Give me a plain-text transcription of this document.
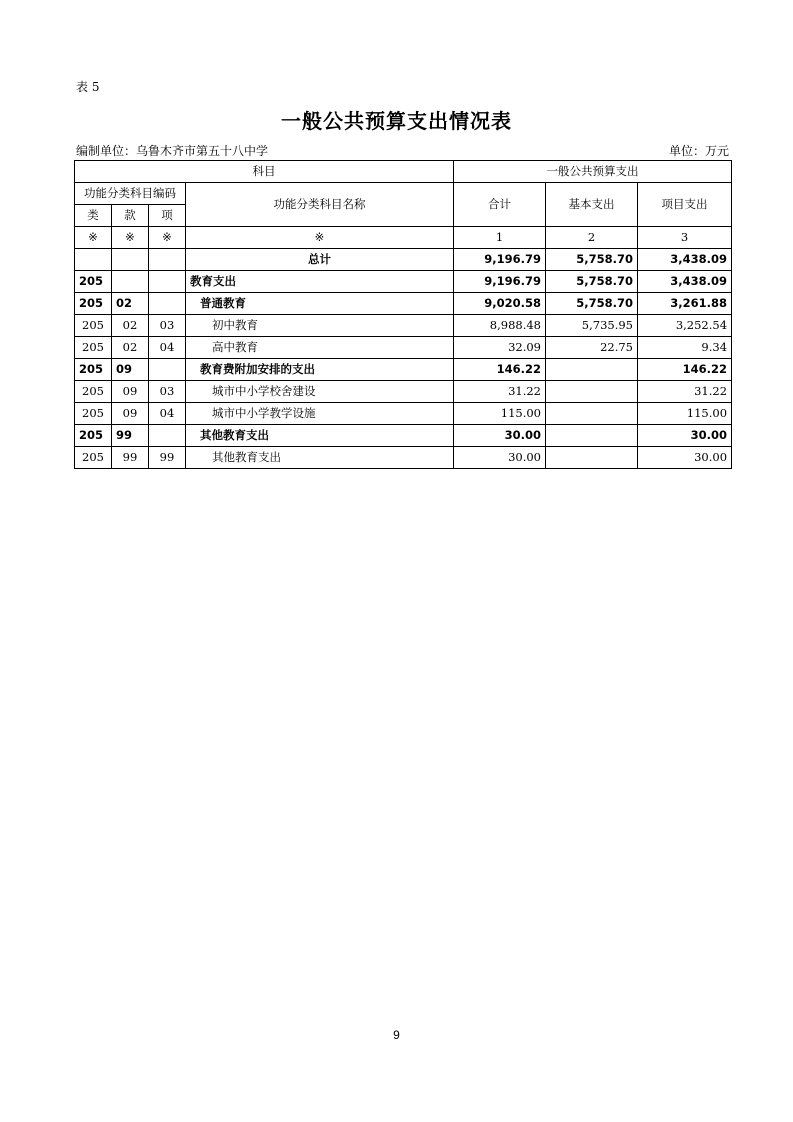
表 5
一般公共预算支出情况表
编制单位：乌鲁木齐市第五十八中学	单位：万元
科目				一般公共预算支出		
功能分类科目编码			功能分类科目名称	合计	基本支出	项目支出
类	款	项				
※	※	※	※	1	2	3
			总计	9,196.79	5,758.70	3,438.09
205			教育支出	9,196.79	5,758.70	3,438.09
205	02		普通教育	9,020.58	5,758.70	3,261.88
205	02	03	初中教育	8,988.48	5,735.95	3,252.54
205	02	04	高中教育	32.09	22.75	9.34
205	09		教育费附加安排的支出	146.22		146.22
205	09	03	城市中小学校舍建设	31.22		31.22
205	09	04	城市中小学教学设施	115.00		115.00
205	99		其他教育支出	30.00		30.00
205	99	99	其他教育支出	30.00		30.00
9
